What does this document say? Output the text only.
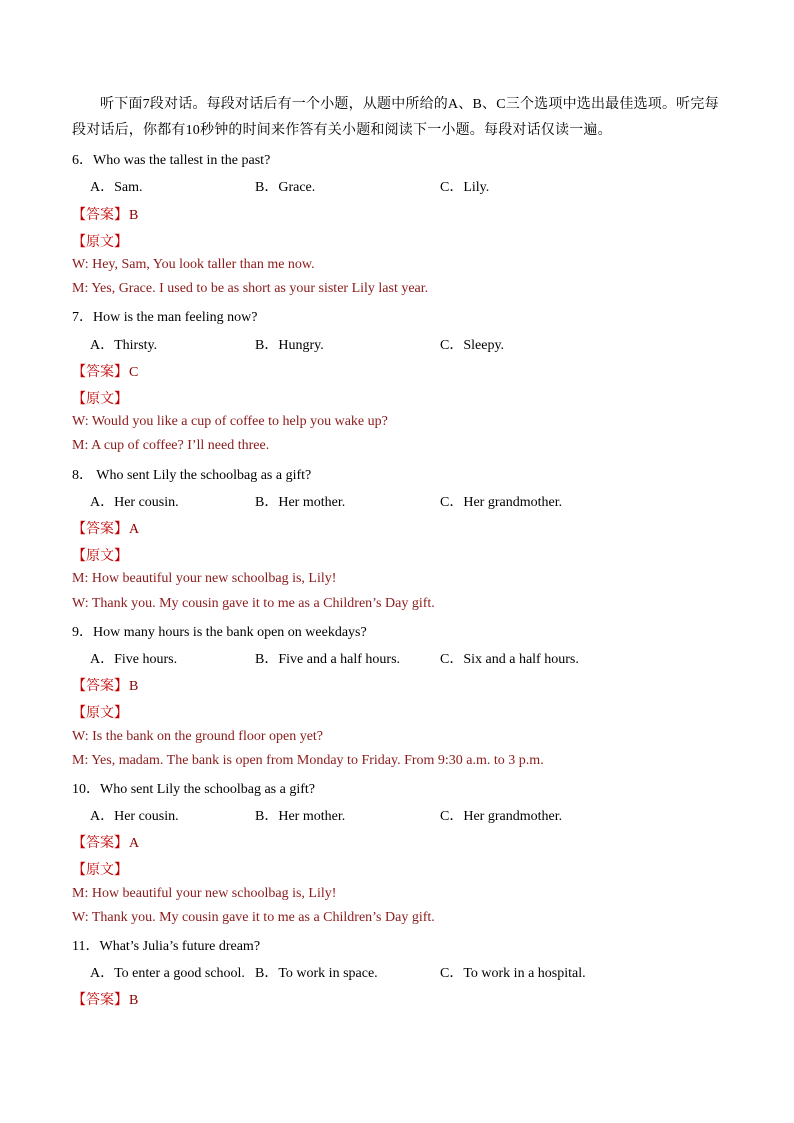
听下面7段对话。每段对话后有一个小题，从题中所给的A、B、C三个选项中选出最佳选项。听完每段对话后，你都有10秒钟的时间来作答有关小题和阅读下一小题。每段对话仅读一遍。

6．Who was the tallest in the past?
A．Sam.	B．Grace.	C．Lily.
【答案】B
【原文】
W: Hey, Sam, You look taller than me now.
M: Yes, Grace. I used to be as short as your sister Lily last year.
7．How is the man feeling now?
A．Thirsty.	B．Hungry.	C．Sleepy.
【答案】C
【原文】
W: Would you like a cup of coffee to help you wake up?
M: A cup of coffee? I’ll need three.
8． Who sent Lily the schoolbag as a gift?
A．Her cousin.	B．Her mother.	C．Her grandmother.
【答案】A
【原文】
M: How beautiful your new schoolbag is, Lily!
W: Thank you. My cousin gave it to me as a Children’s Day gift.
9．How many hours is the bank open on weekdays?
A．Five hours.	B．Five and a half hours.	C．Six and a half hours.
【答案】B
【原文】
W: Is the bank on the ground floor open yet?
M: Yes, madam. The bank is open from Monday to Friday. From 9:30 a.m. to 3 p.m.
10．Who sent Lily the schoolbag as a gift?
A．Her cousin.	B．Her mother.	C．Her grandmother.
【答案】A
【原文】
M: How beautiful your new schoolbag is, Lily!
W: Thank you. My cousin gave it to me as a Children’s Day gift.
11．What’s Julia’s future dream?
A．To enter a good school. B．To work in space.	C．To work in a hospital.
【答案】B
